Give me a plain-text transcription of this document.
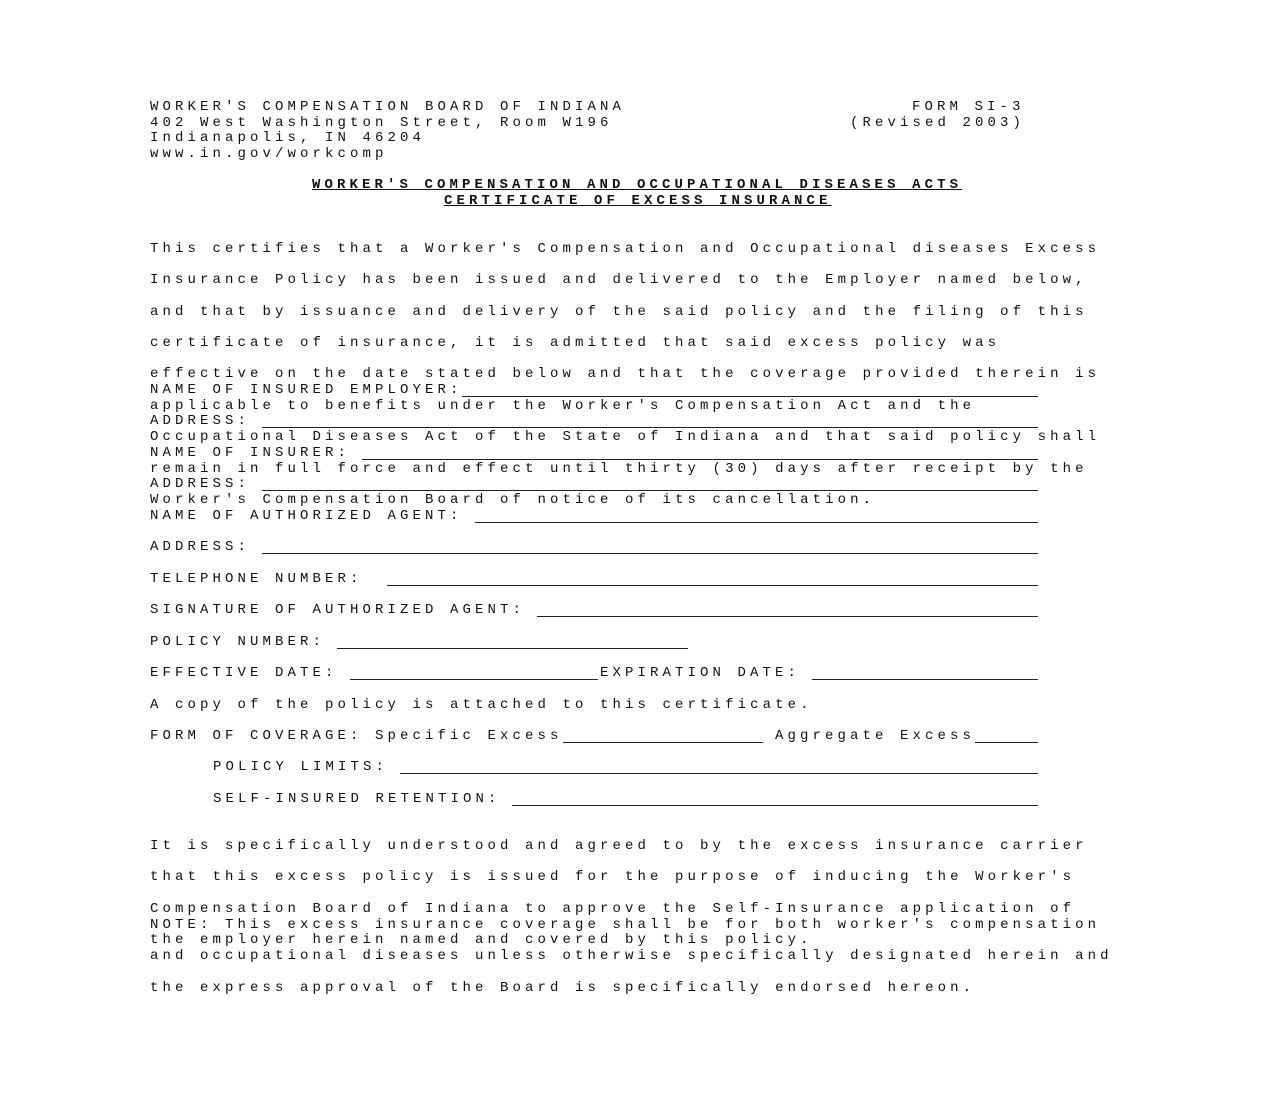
WORKER'S COMPENSATION BOARD OF INDIANA
402 West Washington Street, Room W196
Indianapolis, IN 46204
www.in.gov/workcomp
FORM SI-3
(Revised 2003)
WORKER'S COMPENSATION AND OCCUPATIONAL DISEASES ACTS
CERTIFICATE OF EXCESS INSURANCE

This certifies that a Worker's Compensation and Occupational diseases Excess

Insurance Policy has been issued and delivered to the Employer named below,

and that by issuance and delivery of the said policy and the filing of this

certificate of insurance, it is admitted that said excess policy was

effective on the date stated below and that the coverage provided therein is

applicable to benefits under the Worker's Compensation Act and the

Occupational Diseases Act of the State of Indiana and that said policy shall

remain in full force and effect until thirty (30) days after receipt by the

Worker's Compensation Board of notice of its cancellation.

NAME OF INSURED EMPLOYER:
ADDRESS:
NAME OF INSURER:
ADDRESS:
NAME OF AUTHORIZED AGENT:
ADDRESS:
TELEPHONE NUMBER:
SIGNATURE OF AUTHORIZED AGENT:
POLICY NUMBER:
EFFECTIVE DATE:	EXPIRATION DATE:
A copy of the policy is attached to this certificate.
FORM OF COVERAGE: Specific Excess	Aggregate Excess
POLICY LIMITS:
SELF-INSURED RETENTION:

It is specifically understood and agreed to by the excess insurance carrier

that this excess policy is issued for the purpose of inducing the Worker's

Compensation Board of Indiana to approve the Self-Insurance application of

the employer herein named and covered by this policy.

NOTE: This excess insurance coverage shall be for both worker's compensation

and occupational diseases unless otherwise specifically designated herein and

the express approval of the Board is specifically endorsed hereon.
